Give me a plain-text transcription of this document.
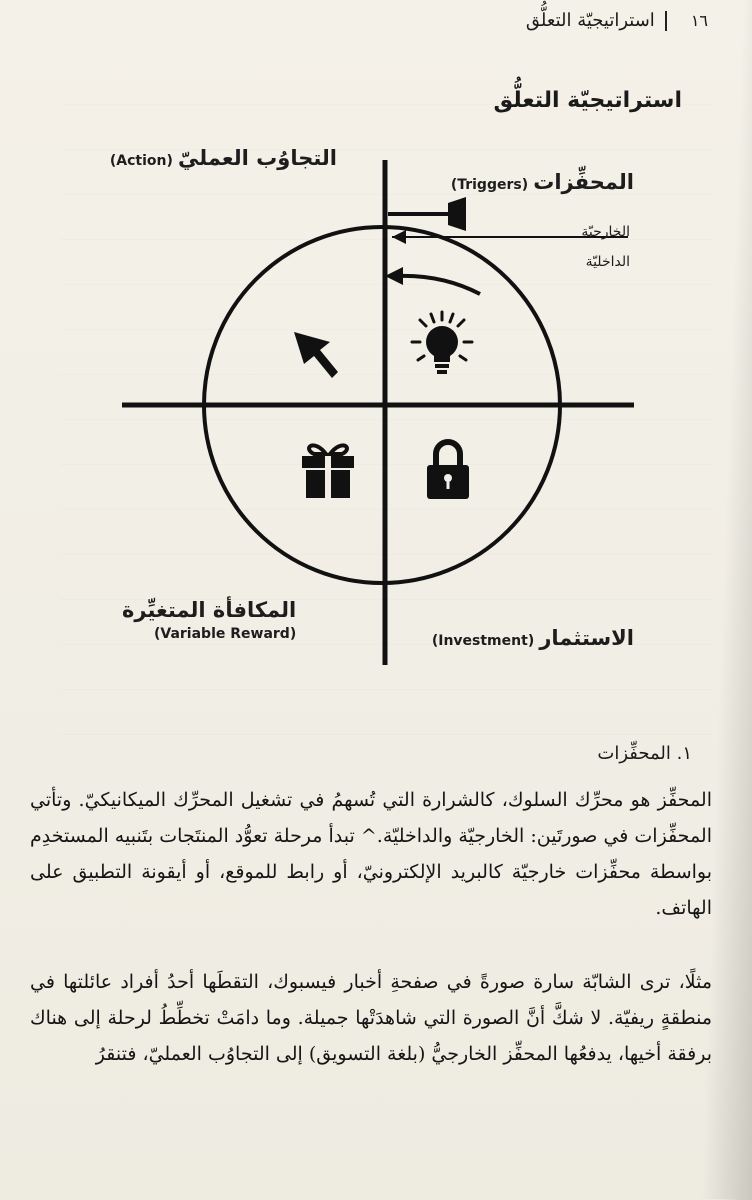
١٦استراتيجيّة التعلُّق
استراتيجيّة التعلُّق
التجاوُب العمليّ (Action)
المحفِّزات (Triggers)
الخارجيّة
الداخليّة
المكافأة المتغيِّرة
(Variable Reward)	الاستثمار (Investment)
١. المحفِّزات
المحفِّز هو محرِّك السلوك، كالشرارة التي تُسهمُ في تشغيل المحرِّك الميكانيكيّ. وتأتي المحفِّزات في صورتَين: الخارجيّة والداخليّة.^ تبدأ مرحلة تعوُّد المنتَجات بتَنبيه المستخدِم بواسطة محفِّزات خارجيّة كالبريد الإلكترونيّ، أو رابط للموقع، أو أيقونة التطبيق على الهاتف.
مثلًا، ترى الشابّة سارة صورةً في صفحةِ أخبار فيسبوك، التقطَها أحدُ أفراد عائلتها في منطقةٍ ريفيّة. لا شكَّ أنَّ الصورة التي شاهدَتْها جميلة. وما دامَتْ تخطِّطُ لرحلة إلى هناك برفقة أخيها، يدفعُها المحفِّز الخارجيُّ (بلغة التسويق) إلى التجاوُب العمليّ، فتنقرُ
